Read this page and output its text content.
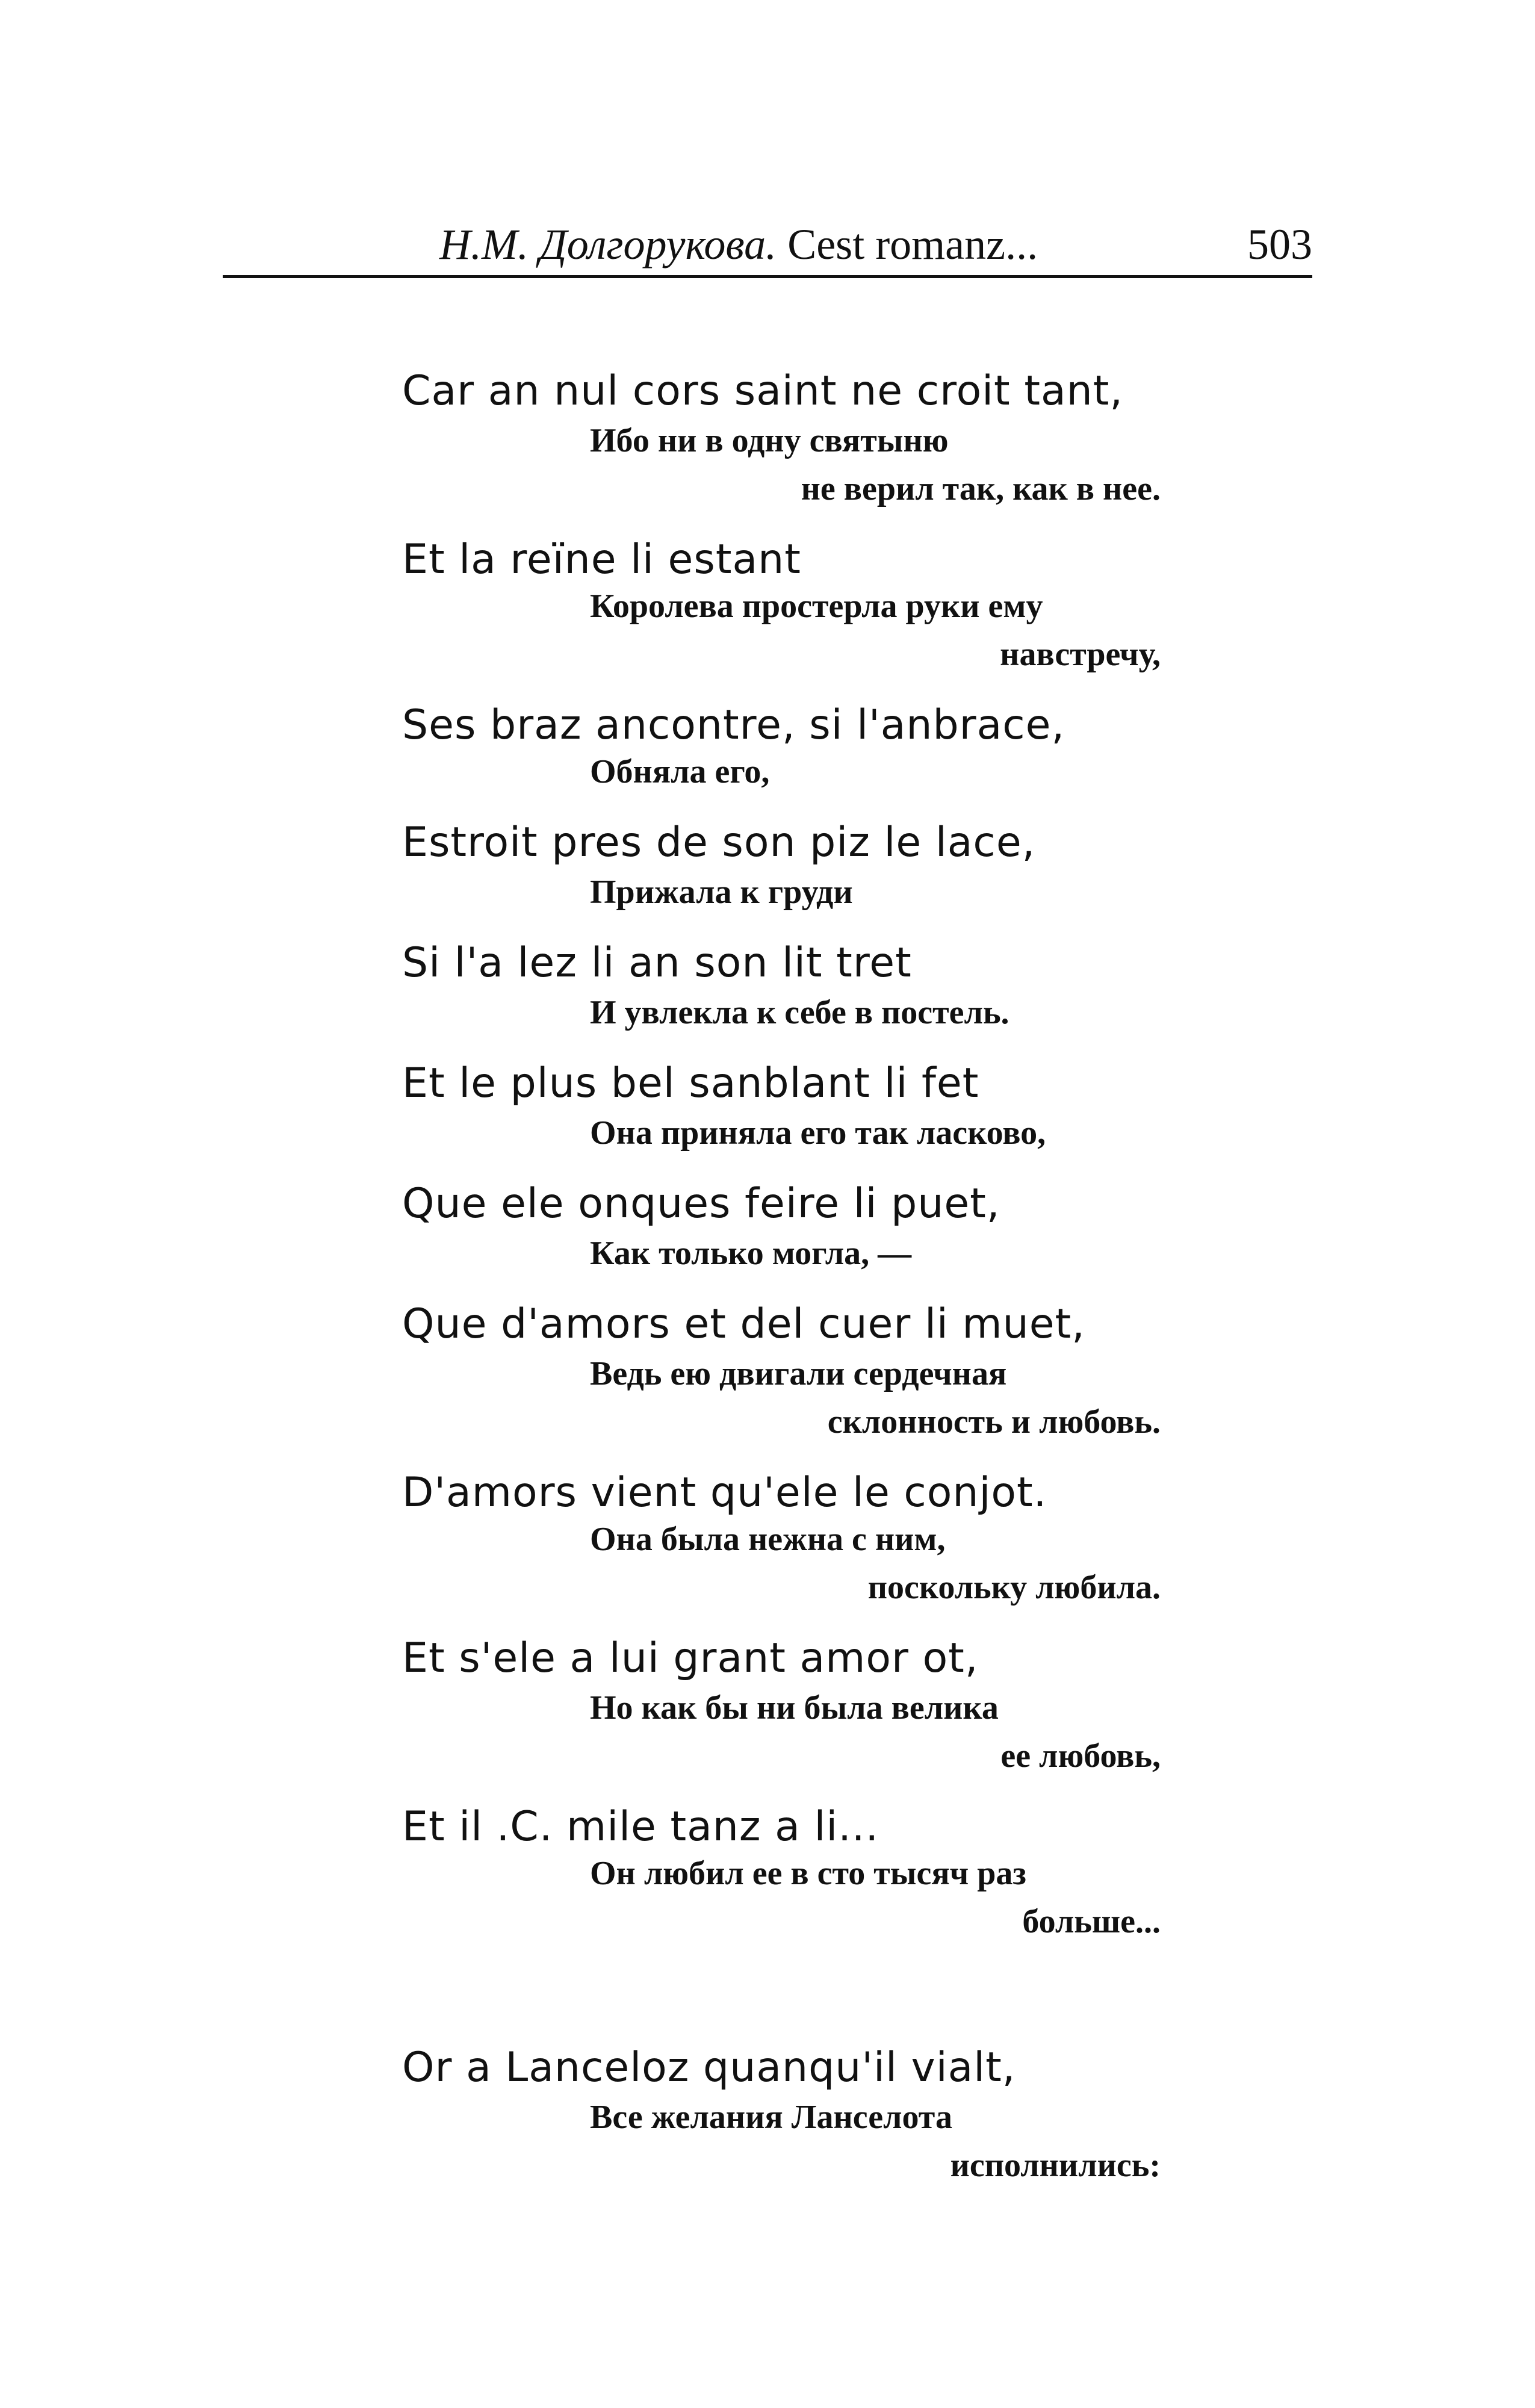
Н.М. Долгорукова. Cest romanz...	503
Car an nul cors saint ne croit tant,
Ибо ни в одну святыню
не верил так, как в нее.
Et la reïne li estant
Королева простерла руки ему
навстречу,
Ses braz ancontre, si l'anbrace,
Обняла его,
Estroit pres de son piz le lace,
Прижала к груди
Si l'a lez li an son lit tret
И увлекла к себе в постель.
Et le plus bel sanblant li fet
Она приняла его так ласково,
Que ele onques feire li puet,
Как только могла, —
Que d'amors et del cuer li muet,
Ведь ею двигали сердечная
склонность и любовь.
D'amors vient qu'ele le conjot.
Она была нежна с ним,
поскольку любила.
Et s'ele a lui grant amor ot,
Но как бы ни была велика
ее любовь,
Et il .C. mile tanz a li...
Он любил ее в сто тысяч раз
больше...
Or a Lanceloz quanqu'il vialt,
Все желания Ланселота
исполнились:
